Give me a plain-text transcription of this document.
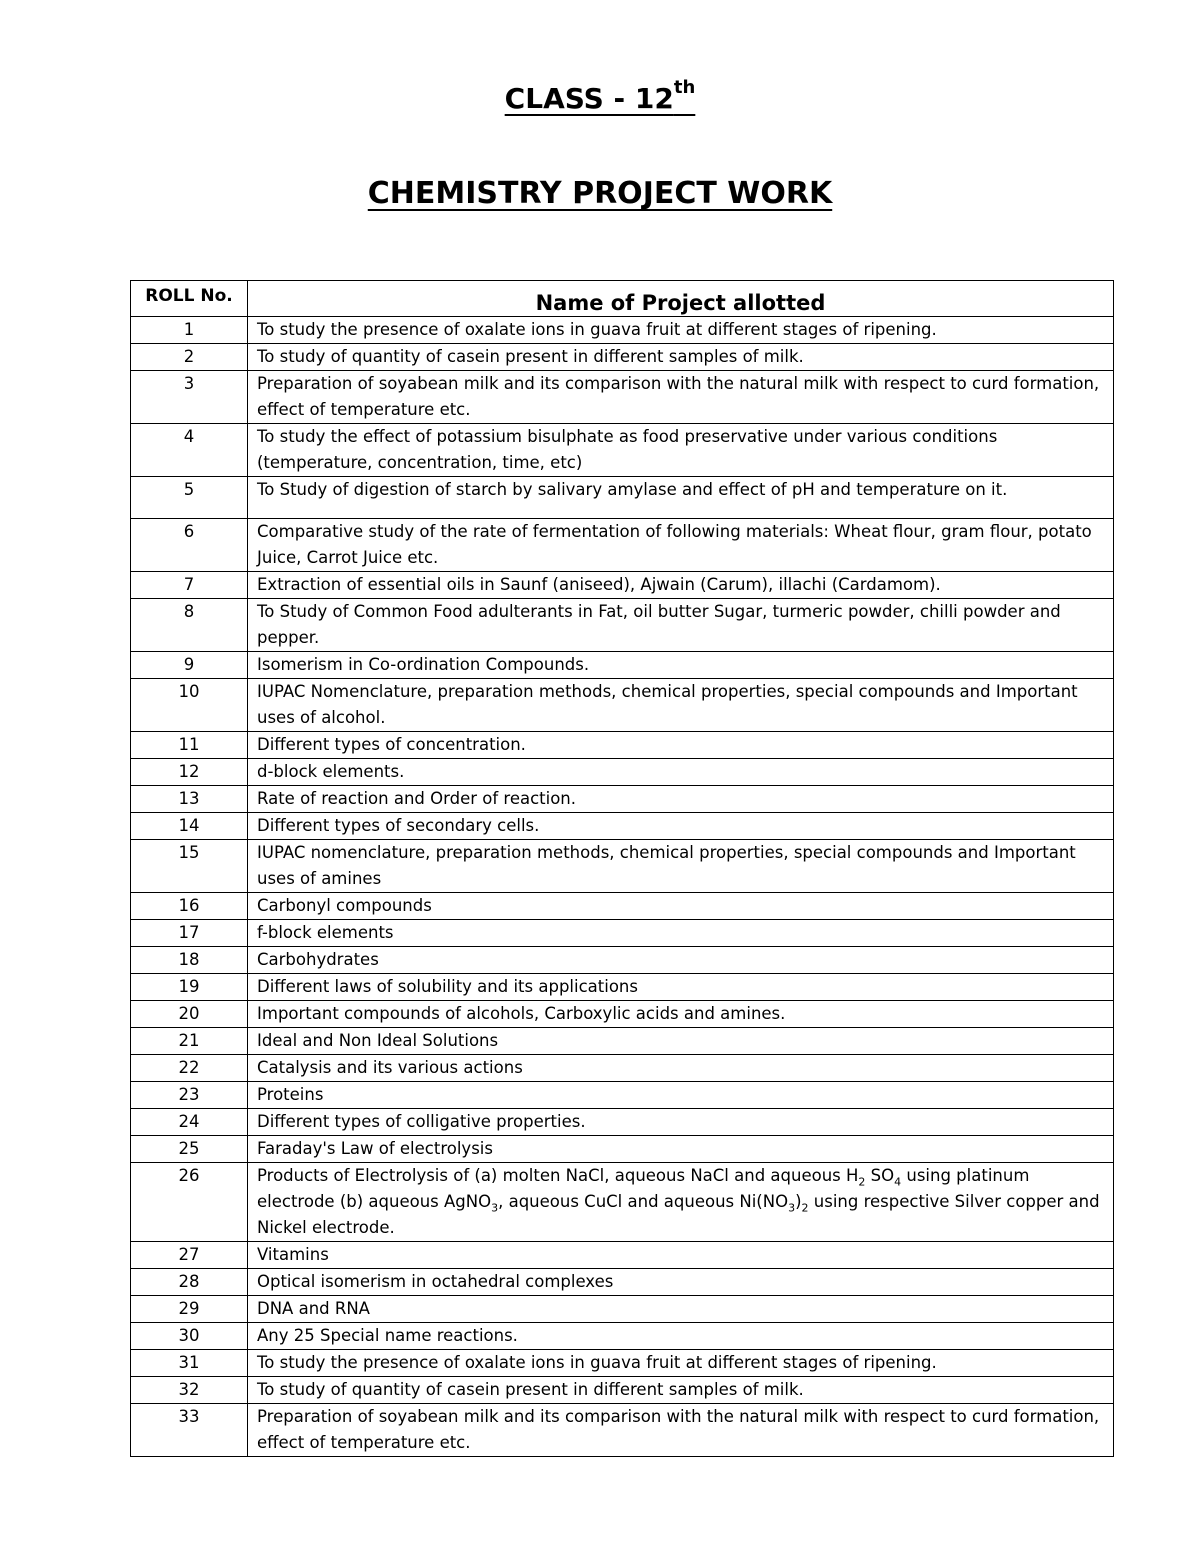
CLASS - 12th
CHEMISTRY PROJECT WORK
ROLL No.	Name of Project allotted
1	To study the presence of oxalate ions in guava fruit at different stages of ripening.
2	To study of quantity of casein present in different samples of milk.
3	Preparation of soyabean milk and its comparison with the natural milk with respect to curd formation, effect of temperature etc.
4	To study the effect of potassium bisulphate as food preservative under various conditions (temperature, concentration, time, etc)
5	To Study of digestion of starch by salivary amylase and effect of pH and temperature on it.
6	Comparative study of the rate of fermentation of following materials: Wheat flour, gram flour, potato Juice, Carrot Juice etc.
7	Extraction of essential oils in Saunf (aniseed), Ajwain (Carum), illachi (Cardamom).
8	To Study of Common Food adulterants in Fat, oil butter Sugar, turmeric powder, chilli powder and pepper.
9	Isomerism in Co-ordination Compounds.
10	IUPAC Nomenclature, preparation methods, chemical properties, special compounds and Important uses of alcohol.
11	Different types of concentration.
12	d-block elements.
13	Rate of reaction and Order of reaction.
14	Different types of secondary cells.
15	IUPAC nomenclature, preparation methods, chemical properties, special compounds and Important uses of amines
16	Carbonyl compounds
17	f-block elements
18	Carbohydrates
19	Different laws of solubility and its applications
20	Important compounds of alcohols, Carboxylic acids and amines.
21	Ideal and Non Ideal Solutions
22	Catalysis and its various actions
23	Proteins
24	Different types of colligative properties.
25	Faraday's Law of electrolysis
26	Products of Electrolysis of (a) molten NaCl, aqueous NaCl and aqueous $H_2$ $SO_4$ using platinum electrode (b) aqueous AgNO$_3$, aqueous CuCl and aqueous $Ni(NO_3)_2$ using respective Silver copper and Nickel electrode.
27	Vitamins
28	Optical isomerism in octahedral complexes
29	DNA and RNA
30	Any 25 Special name reactions.
31	To study the presence of oxalate ions in guava fruit at different stages of ripening.
32	To study of quantity of casein present in different samples of milk.
33	Preparation of soyabean milk and its comparison with the natural milk with respect to curd formation, effect of temperature etc.
